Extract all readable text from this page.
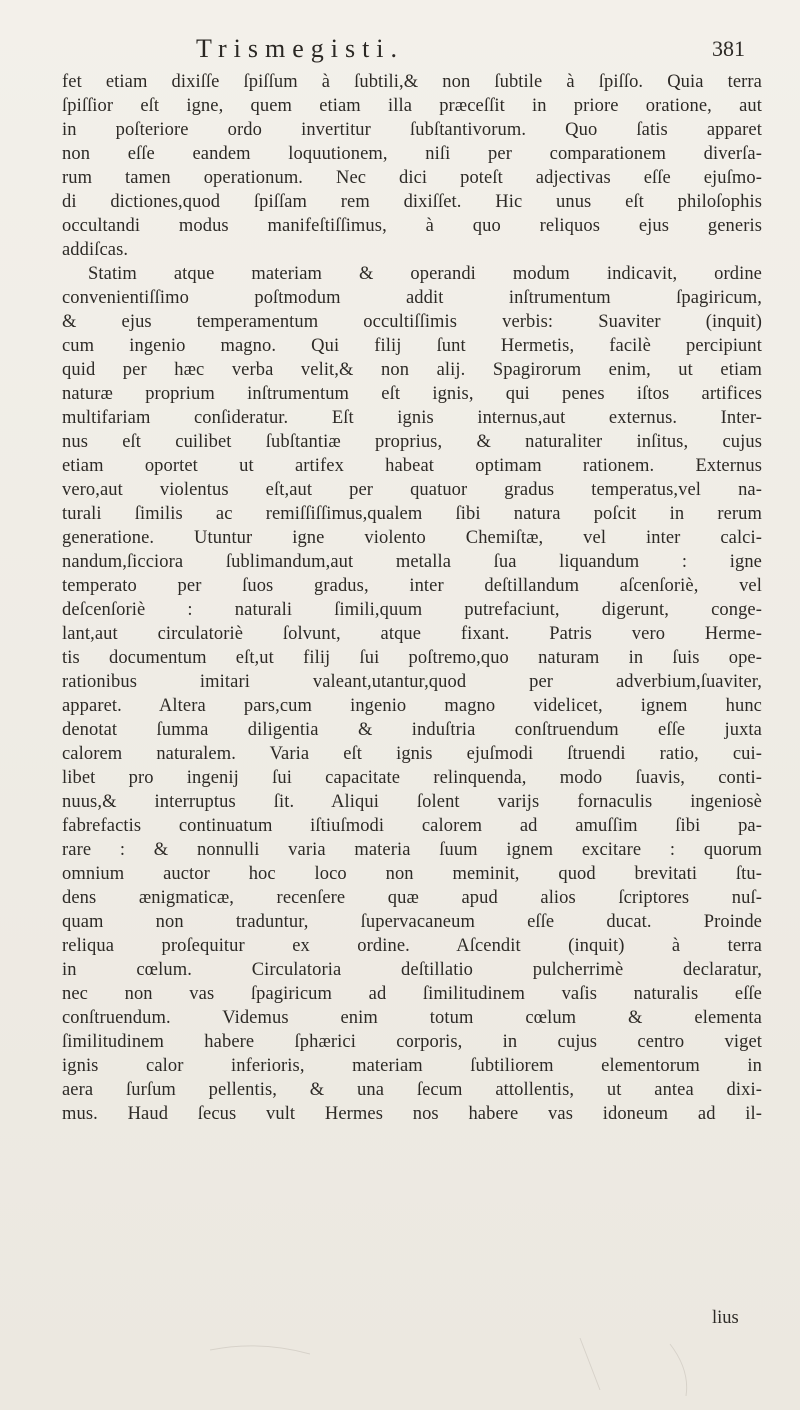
Trismegisti.	381
fet etiam dixiſſe ſpiſſum à ſubtili,& non ſubtile à ſpiſſo. Quia terra
ſpiſſior eſt igne, quem etiam illa præceſſit in priore oratione, aut
in poſteriore ordo invertitur ſubſtantivorum. Quo ſatis apparet
non eſſe eandem loquutionem, niſi per comparationem diverſa-
rum tamen operationum. Nec dici poteſt adjectivas eſſe ejuſmo-
di dictiones,quod ſpiſſam rem dixiſſet. Hic unus eſt philoſophis
occultandi modus manifeſtiſſimus, à quo reliquos ejus generis
addiſcas.
Statim atque materiam & operandi modum indicavit, ordine
convenientiſſimo poſtmodum addit inſtrumentum ſpagiricum,
& ejus temperamentum occultiſſimis verbis: Suaviter (inquit)
cum ingenio magno. Qui filij ſunt Hermetis, facilè percipiunt
quid per hæc verba velit,& non alij. Spagirorum enim, ut etiam
naturæ proprium inſtrumentum eſt ignis, qui penes iſtos artifices
multifariam conſideratur. Eſt ignis internus,aut externus. Inter-
nus eſt cuilibet ſubſtantiæ proprius, & naturaliter inſitus, cujus
etiam oportet ut artifex habeat optimam rationem. Externus
vero,aut violentus eſt,aut per quatuor gradus temperatus,vel na-
turali ſimilis ac remiſſiſſimus,qualem ſibi natura poſcit in rerum
generatione. Utuntur igne violento Chemiſtæ, vel inter calci-
nandum,ſicciora ſublimandum,aut metalla ſua liquandum : igne
temperato per ſuos gradus, inter deſtillandum aſcenſoriè, vel
deſcenſoriè : naturali ſimili,quum putrefaciunt, digerunt, conge-
lant,aut circulatoriè ſolvunt, atque fixant. Patris vero Herme-
tis documentum eſt,ut filij ſui poſtremo,quo naturam in ſuis ope-
rationibus imitari valeant,utantur,quod per adverbium,ſuaviter,
apparet. Altera pars,cum ingenio magno videlicet, ignem hunc
denotat ſumma diligentia & induſtria conſtruendum eſſe juxta
calorem naturalem. Varia eſt ignis ejuſmodi ſtruendi ratio, cui-
libet pro ingenij ſui capacitate relinquenda, modo ſuavis, conti-
nuus,& interruptus ſit. Aliqui ſolent varijs fornaculis ingeniosè
fabrefactis continuatum iſtiuſmodi calorem ad amuſſim ſibi pa-
rare : & nonnulli varia materia ſuum ignem excitare : quorum
omnium auctor hoc loco non meminit, quod brevitati ſtu-
dens ænigmaticæ, recenſere quæ apud alios ſcriptores nuſ-
quam non traduntur, ſupervacaneum eſſe ducat. Proinde
reliqua proſequitur ex ordine. Aſcendit (inquit) à terra
in cœlum. Circulatoria deſtillatio pulcherrimè declaratur,
nec non vas ſpagiricum ad ſimilitudinem vaſis naturalis eſſe
conſtruendum. Videmus enim totum cœlum & elementa
ſimilitudinem habere ſphærici corporis, in cujus centro viget
ignis calor inferioris, materiam ſubtiliorem elementorum in
aera ſurſum pellentis, & una ſecum attollentis, ut antea dixi-
mus. Haud ſecus vult Hermes nos habere vas idoneum ad il-
lius
